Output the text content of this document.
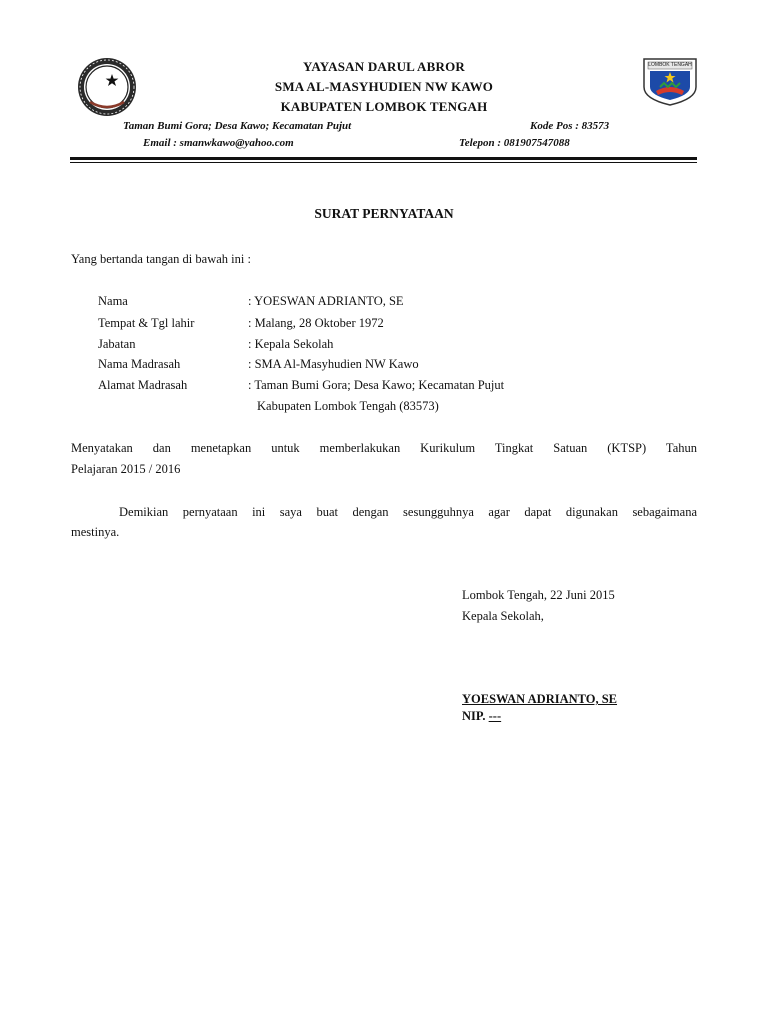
LOMBOK TENGAH
YAYASAN DARUL ABROR
SMA AL-MASYHUDIEN NW KAWO
KABUPATEN LOMBOK TENGAH
Taman Bumi Gora; Desa Kawo; Kecamatan Pujut	Kode Pos : 83573
Email : smanwkawo@yahoo.com	Telepon : 081907547088
SURAT PERNYATAAN
Yang bertanda tangan di bawah ini :
Nama	: YOESWAN ADRIANTO, SE
Tempat & Tgl lahir	: Malang, 28 Oktober 1972
Jabatan	: Kepala Sekolah
Nama Madrasah	: SMA Al-Masyhudien NW Kawo
Alamat Madrasah	: Taman Bumi Gora; Desa Kawo; Kecamatan Pujut
Kabupaten Lombok Tengah (83573)
Menyatakan dan menetapkan untuk memberlakukan Kurikulum Tingkat Satuan (KTSP) Tahun
Pelajaran 2015 / 2016
Demikian pernyataan ini saya buat dengan sesungguhnya agar dapat digunakan sebagaimana
mestinya.
Lombok Tengah, 22 Juni 2015
Kepala Sekolah,
YOESWAN ADRIANTO, SE
NIP. ---
